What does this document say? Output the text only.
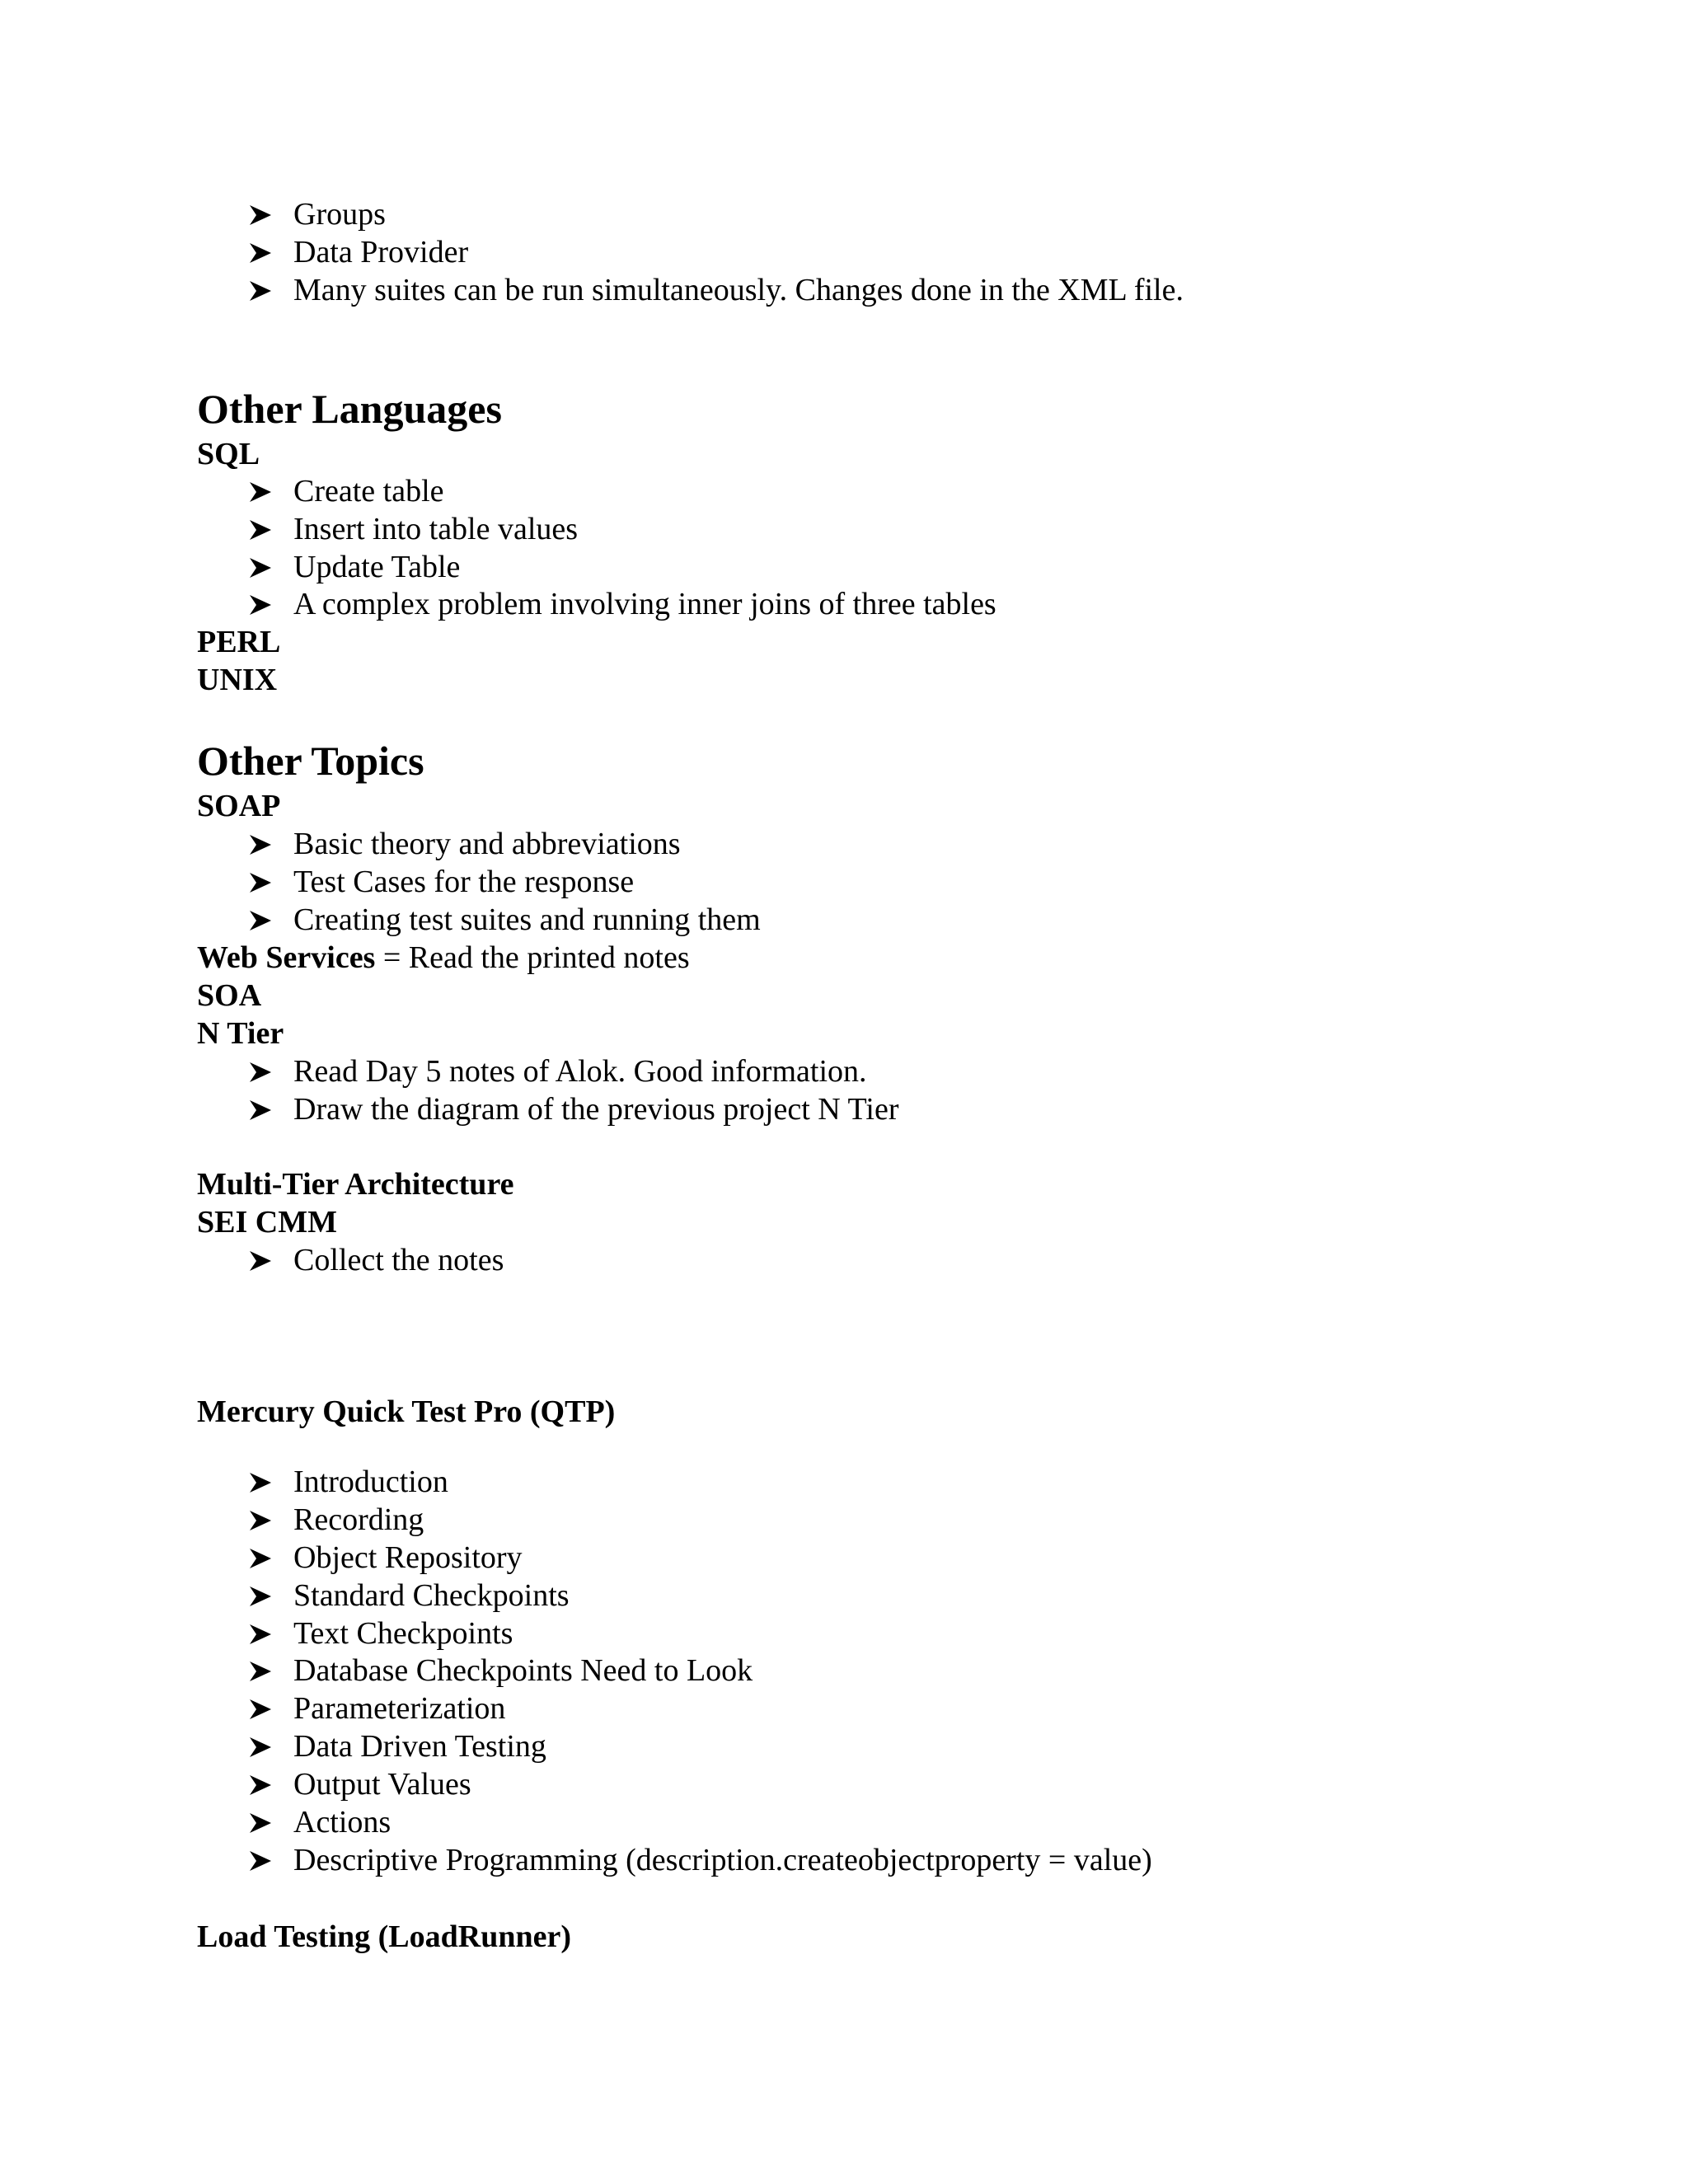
Groups
Data Provider
Many suites can be run simultaneously. Changes done in the XML file.
Other Languages
SQL
Create table
Insert into table values
Update Table
A complex problem involving inner joins of three tables
PERL
UNIX
Other Topics
SOAP
Basic theory and abbreviations
Test Cases for the response
Creating test suites and running them
Web Services = Read the printed notes
SOA
N Tier
Read Day 5 notes of Alok. Good information.
Draw the diagram of the previous project N Tier
Multi-Tier Architecture
SEI CMM
Collect the notes
Mercury Quick Test Pro (QTP)
Introduction
Recording
Object Repository
Standard Checkpoints
Text Checkpoints
Database Checkpoints Need to Look
Parameterization
Data Driven Testing
Output Values
Actions
Descriptive Programming (description.createobjectproperty = value)
Load Testing (LoadRunner)
